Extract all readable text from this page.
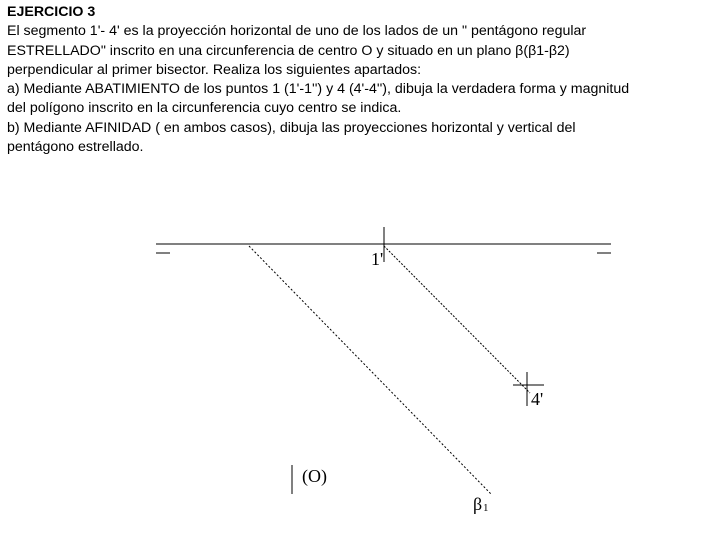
EJERCICIO 3
El segmento 1'- 4' es la proyección horizontal de uno de los lados de un " pentágono regular
ESTRELLADO" inscrito en una circunferencia de centro O y situado en un plano β(β1-β2)
perpendicular al primer bisector. Realiza los siguientes apartados:
a) Mediante ABATIMIENTO de los puntos 1 (1'-1'') y 4 (4'-4''), dibuja la verdadera forma y magnitud
del polígono inscrito en la circunferencia cuyo centro se indica.
b) Mediante AFINIDAD ( en ambos casos), dibuja las proyecciones horizontal y vertical del
pentágono estrellado.
1'
4'
(O)
β 1
